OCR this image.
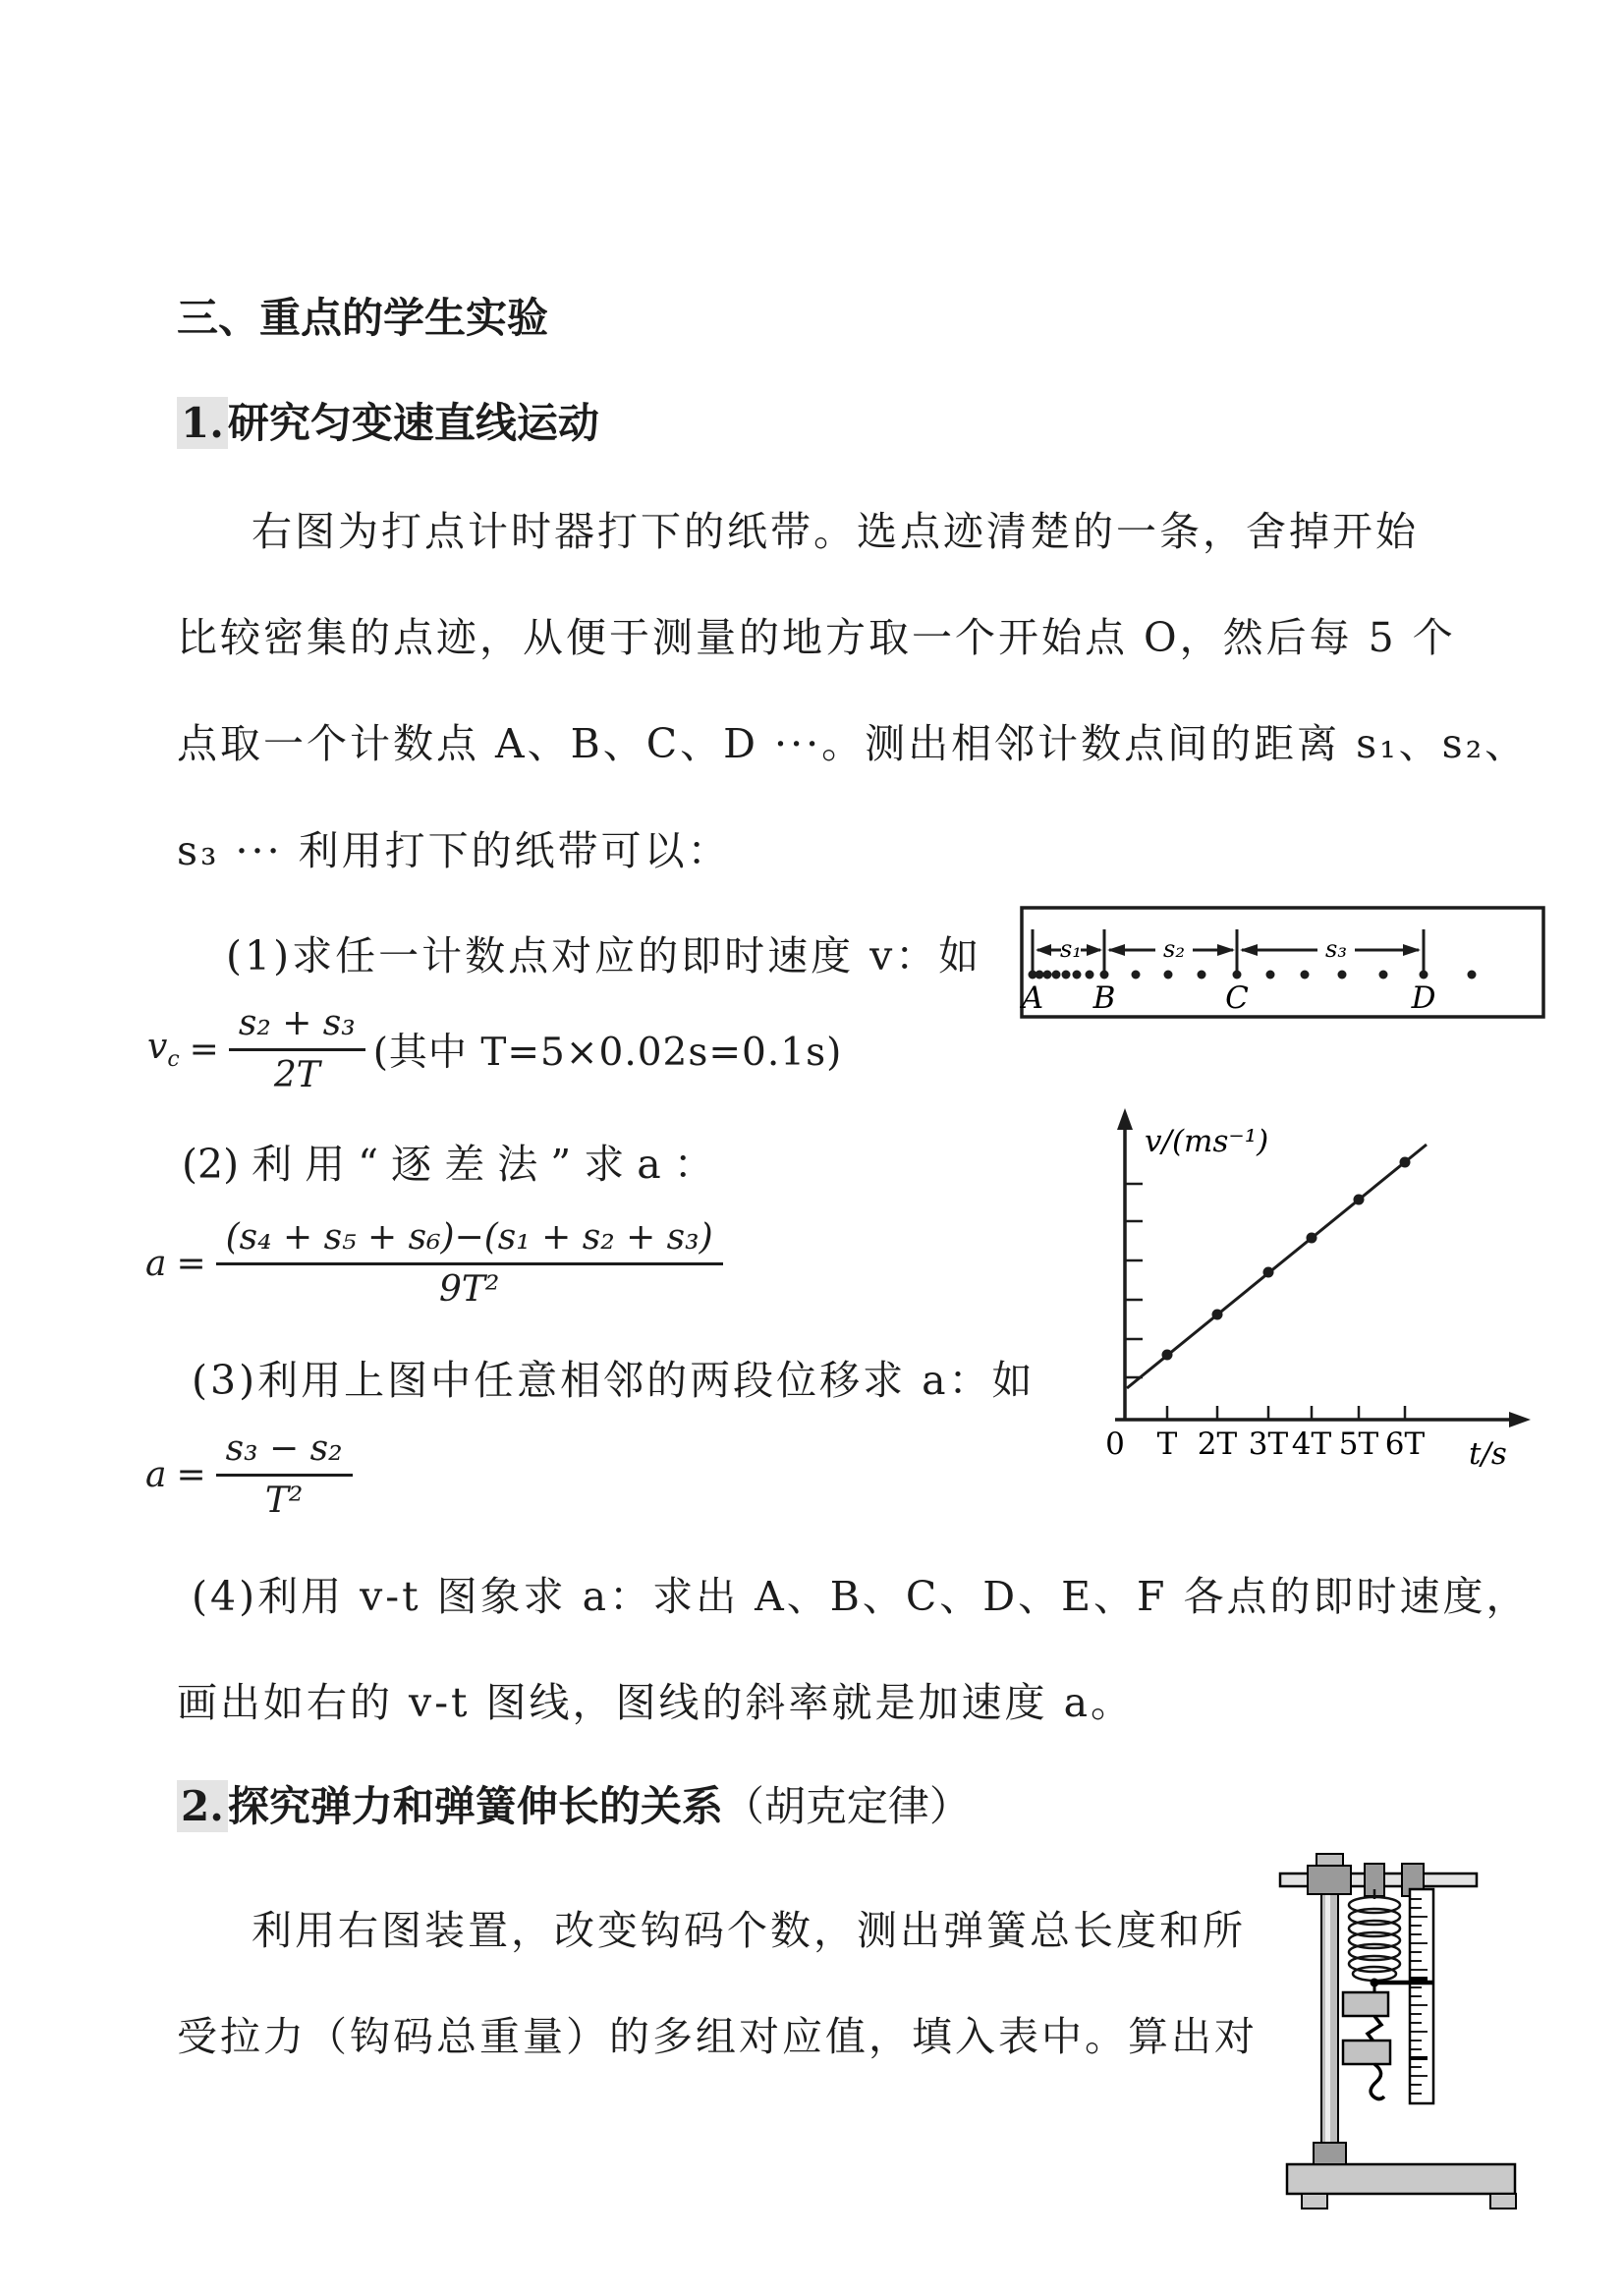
三、重点的学生实验
1.研究匀变速直线运动
右图为打点计时器打下的纸带。选点迹清楚的一条，舍掉开始
比较密集的点迹，从便于测量的地方取一个开始点 O，然后每 5 个
点取一个计数点 A、B、C、D ···。测出相邻计数点间的距离 s₁、s₂、
s₃ ··· 利用打下的纸带可以：
(1)求任一计数点对应的即时速度 v：如
$v_c = \frac{\text{s₂ + s₃}}{2T}$ (其中 T=5×0.02s=0.1s)
(2) 利 用 “ 逐 差 法 ” 求 a ：
$a = \frac{\text{(s₄ + s₅ + s₆)−(s₁ + s₂ + s₃)}}{\text{9T²}}$
(3)利用上图中任意相邻的两段位移求 a：如
$a = \frac{\text{s₃ − s₂}}{\text{T²}}$
(4)利用 v-t 图象求 a：求出 A、B、C、D、E、F 各点的即时速度，
画出如右的 v-t 图线，图线的斜率就是加速度 a。
2.探究弹力和弹簧伸长的关系（胡克定律）
利用右图装置，改变钩码个数，测出弹簧总长度和所
受拉力（钩码总重量）的多组对应值，填入表中。算出对
s₁	s₂	s₃
A B	C	D
v/(ms⁻¹)
t/s
0 T 2T 3T 4T 5T 6T
